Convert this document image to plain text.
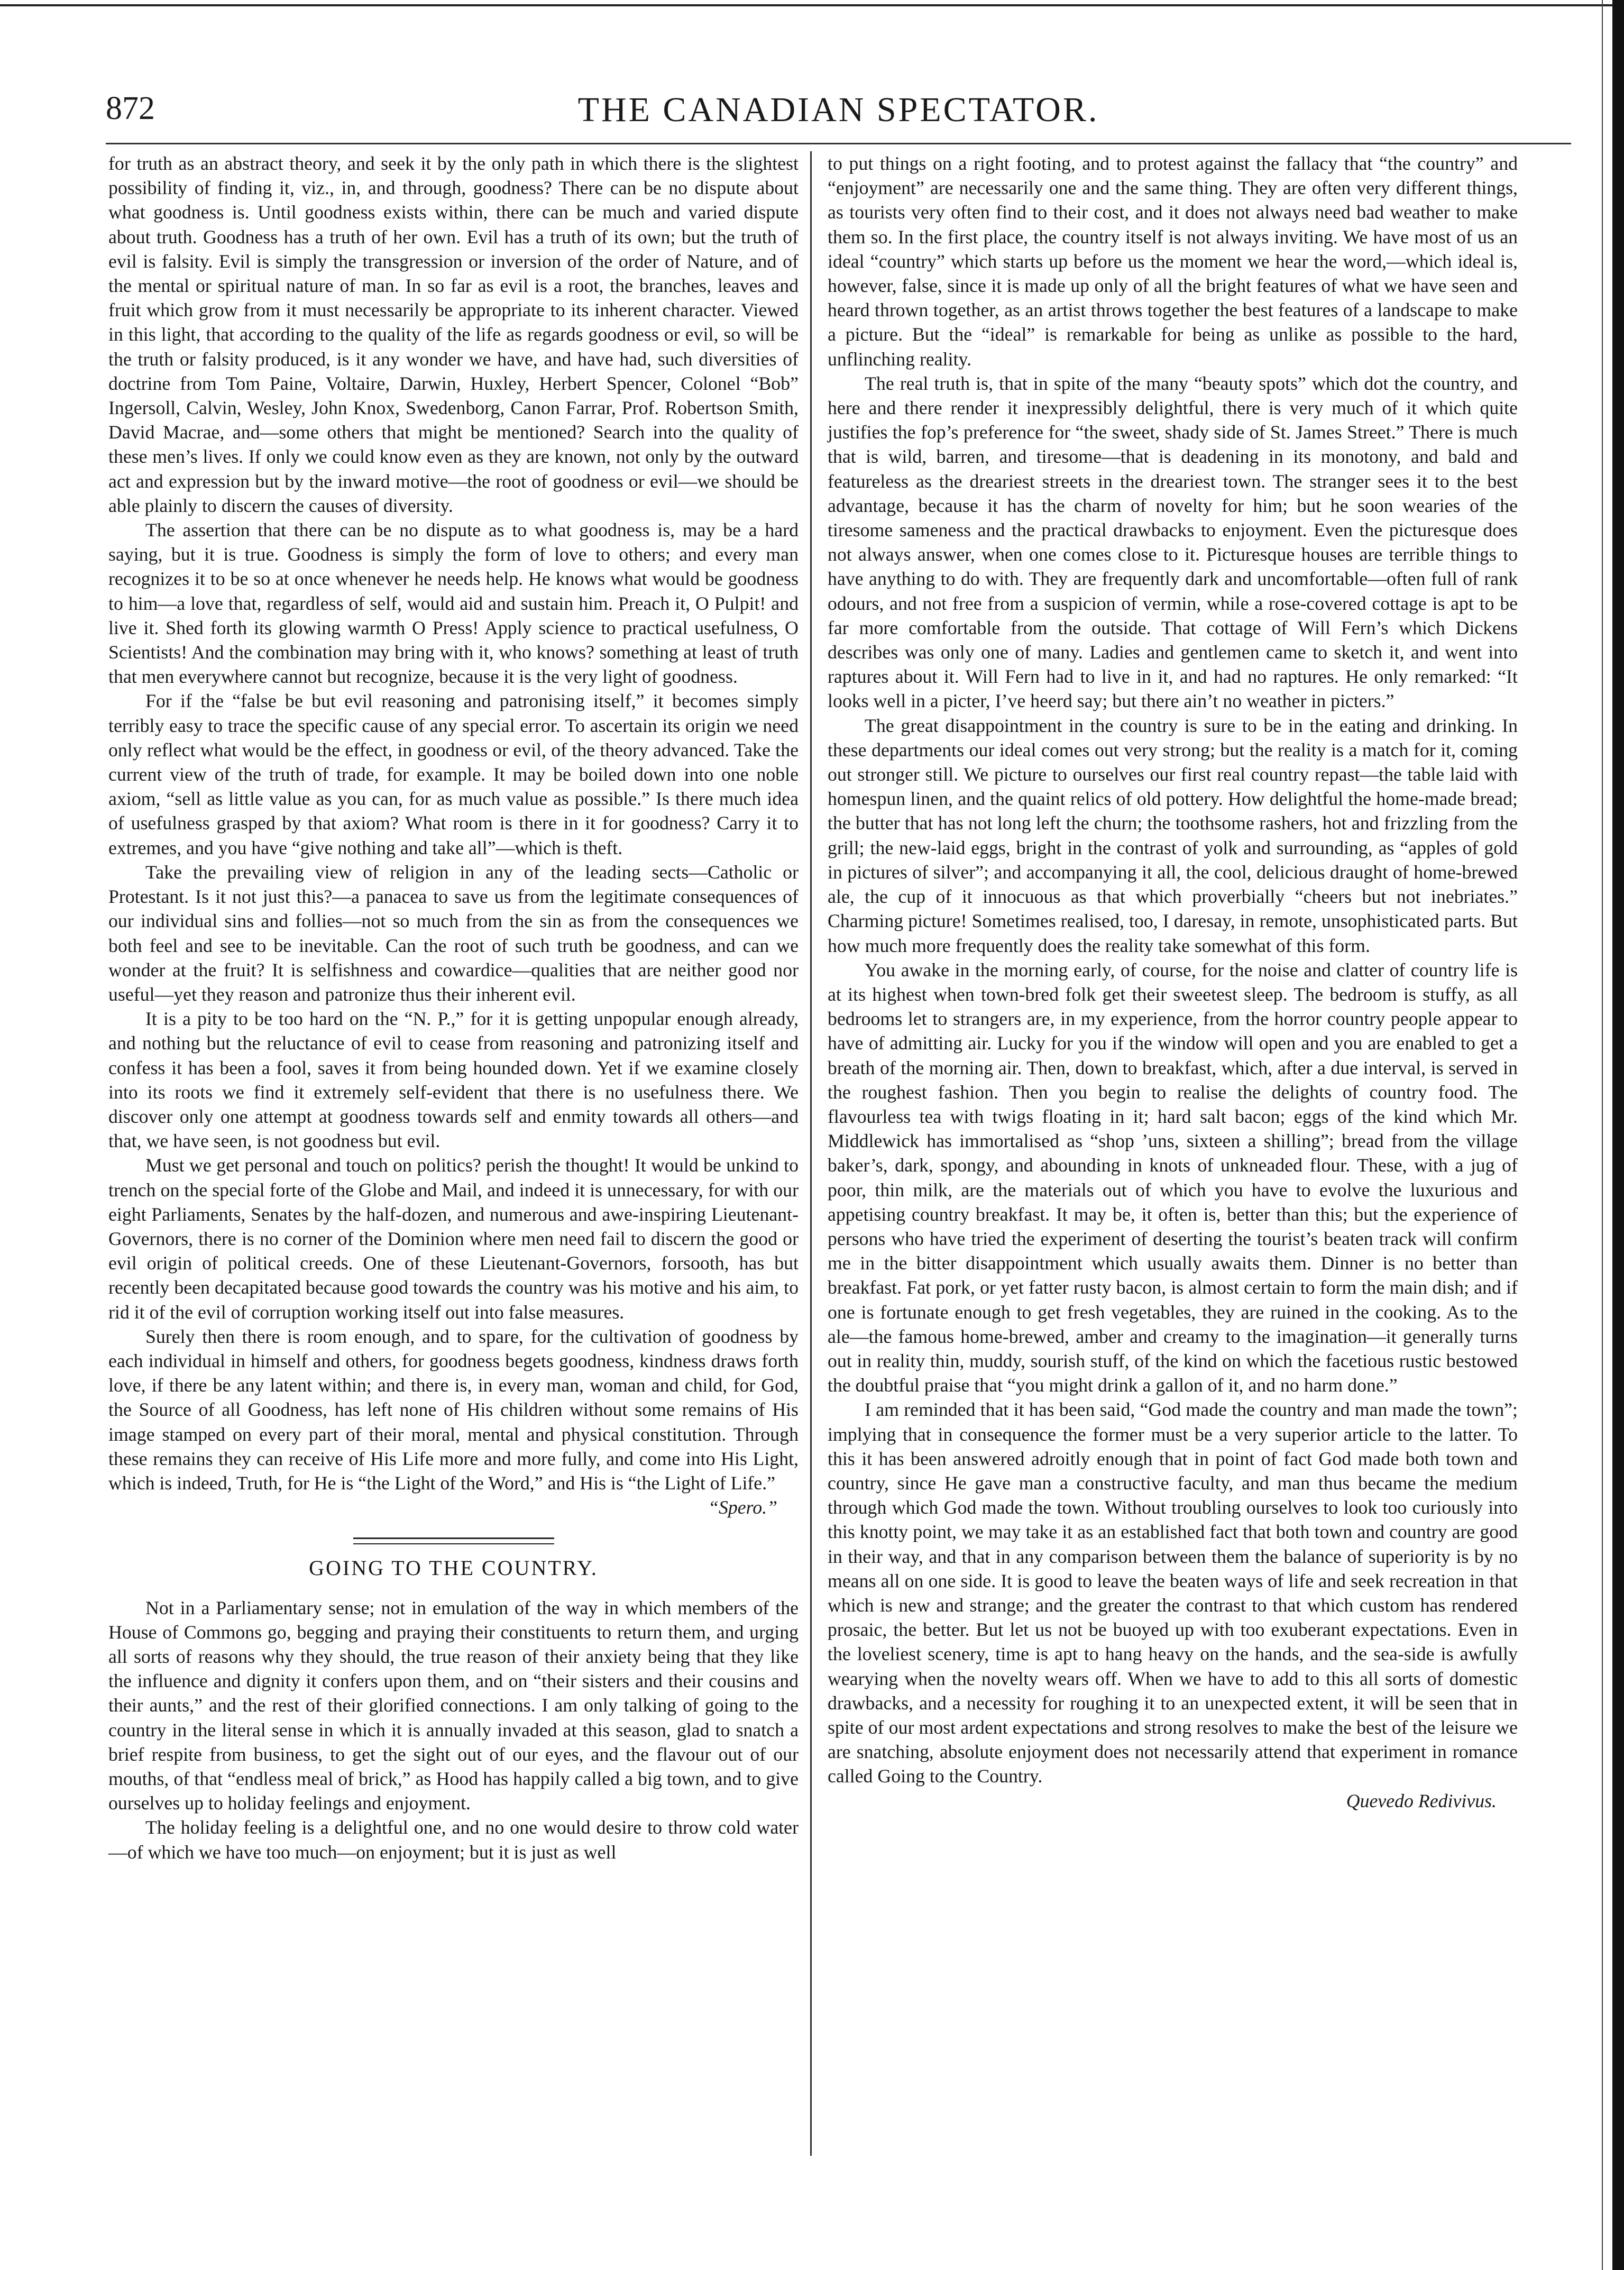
872	THE CANADIAN SPECTATOR.

for truth as an abstract theory, and seek it by the only path in which there is the slightest possibility of finding it, viz., in, and through, goodness? There can be no dispute about what goodness is. Until goodness exists within, there can be much and varied dispute about truth. Goodness has a truth of her own. Evil has a truth of its own; but the truth of evil is falsity. Evil is simply the transgression or inversion of the order of Nature, and of the mental or spiritual nature of man. In so far as evil is a root, the branches, leaves and fruit which grow from it must necessarily be appropriate to its inherent character. Viewed in this light, that according to the quality of the life as regards goodness or evil, so will be the truth or falsity produced, is it any wonder we have, and have had, such diversities of doctrine from Tom Paine, Voltaire, Darwin, Huxley, Herbert Spencer, Colonel “Bob” Ingersoll, Calvin, Wesley, John Knox, Swedenborg, Canon Farrar, Prof. Robertson Smith, David Macrae, and—some others that might be mentioned? Search into the quality of these men’s lives. If only we could know even as they are known, not only by the outward act and expression but by the inward motive—the root of goodness or evil—we should be able plainly to discern the causes of diversity.

The assertion that there can be no dispute as to what goodness is, may be a hard saying, but it is true. Goodness is simply the form of love to others; and every man recognizes it to be so at once whenever he needs help. He knows what would be goodness to him—a love that, regardless of self, would aid and sustain him. Preach it, O Pulpit! and live it. Shed forth its glowing warmth O Press! Apply science to practical usefulness, O Scientists! And the combination may bring with it, who knows? something at least of truth that men everywhere cannot but recognize, because it is the very light of goodness.

For if the “false be but evil reasoning and patronising itself,” it becomes simply terribly easy to trace the specific cause of any special error. To ascertain its origin we need only reflect what would be the effect, in goodness or evil, of the theory advanced. Take the current view of the truth of trade, for example. It may be boiled down into one noble axiom, “sell as little value as you can, for as much value as possible.” Is there much idea of usefulness grasped by that axiom? What room is there in it for goodness? Carry it to extremes, and you have “give nothing and take all”—which is theft.

Take the prevailing view of religion in any of the leading sects—Catholic or Protestant. Is it not just this?—a panacea to save us from the legitimate consequences of our individual sins and follies—not so much from the sin as from the consequences we both feel and see to be inevitable. Can the root of such truth be goodness, and can we wonder at the fruit? It is selfishness and cowardice—qualities that are neither good nor useful—yet they reason and patronize thus their inherent evil.

It is a pity to be too hard on the “N. P.,” for it is getting unpopular enough already, and nothing but the reluctance of evil to cease from reasoning and patronizing itself and confess it has been a fool, saves it from being hounded down. Yet if we examine closely into its roots we find it extremely self-evident that there is no usefulness there. We discover only one attempt at goodness towards self and enmity towards all others—and that, we have seen, is not goodness but evil.

Must we get personal and touch on politics? perish the thought! It would be unkind to trench on the special forte of the Globe and Mail, and indeed it is unnecessary, for with our eight Parliaments, Senates by the half-dozen, and numerous and awe-inspiring Lieutenant-Governors, there is no corner of the Dominion where men need fail to discern the good or evil origin of political creeds. One of these Lieutenant-Governors, forsooth, has but recently been decapitated because good towards the country was his motive and his aim, to rid it of the evil of corruption working itself out into false measures.

Surely then there is room enough, and to spare, for the cultivation of goodness by each individual in himself and others, for goodness begets goodness, kindness draws forth love, if there be any latent within; and there is, in every man, woman and child, for God, the Source of all Goodness, has left none of His children without some remains of His image stamped on every part of their moral, mental and physical constitution. Through these remains they can receive of His Life more and more fully, and come into His Light, which is indeed, Truth, for He is “the Light of the Word,” and His is “the Light of Life.”

“Spero.”

GOING TO THE COUNTRY.

Not in a Parliamentary sense; not in emulation of the way in which members of the House of Commons go, begging and praying their constituents to return them, and urging all sorts of reasons why they should, the true reason of their anxiety being that they like the influence and dignity it confers upon them, and on “their sisters and their cousins and their aunts,” and the rest of their glorified connections. I am only talking of going to the country in the literal sense in which it is annually invaded at this season, glad to snatch a brief respite from business, to get the sight out of our eyes, and the flavour out of our mouths, of that “endless meal of brick,” as Hood has happily called a big town, and to give ourselves up to holiday feelings and enjoyment.

The holiday feeling is a delightful one, and no one would desire to throw cold water—of which we have too much—on enjoyment; but it is just as well

to put things on a right footing, and to protest against the fallacy that “the country” and “enjoyment” are necessarily one and the same thing. They are often very different things, as tourists very often find to their cost, and it does not always need bad weather to make them so. In the first place, the country itself is not always inviting. We have most of us an ideal “country” which starts up before us the moment we hear the word,—which ideal is, however, false, since it is made up only of all the bright features of what we have seen and heard thrown together, as an artist throws together the best features of a landscape to make a picture. But the “ideal” is remarkable for being as unlike as possible to the hard, unflinching reality.

The real truth is, that in spite of the many “beauty spots” which dot the country, and here and there render it inexpressibly delightful, there is very much of it which quite justifies the fop’s preference for “the sweet, shady side of St. James Street.” There is much that is wild, barren, and tiresome—that is deadening in its monotony, and bald and featureless as the dreariest streets in the dreariest town. The stranger sees it to the best advantage, because it has the charm of novelty for him; but he soon wearies of the tiresome sameness and the practical drawbacks to enjoyment. Even the picturesque does not always answer, when one comes close to it. Picturesque houses are terrible things to have anything to do with. They are frequently dark and uncomfortable—often full of rank odours, and not free from a suspicion of vermin, while a rose-covered cottage is apt to be far more comfortable from the outside. That cottage of Will Fern’s which Dickens describes was only one of many. Ladies and gentlemen came to sketch it, and went into raptures about it. Will Fern had to live in it, and had no raptures. He only remarked: “It looks well in a picter, I’ve heerd say; but there ain’t no weather in picters.”

The great disappointment in the country is sure to be in the eating and drinking. In these departments our ideal comes out very strong; but the reality is a match for it, coming out stronger still. We picture to ourselves our first real country repast—the table laid with homespun linen, and the quaint relics of old pottery. How delightful the home-made bread; the butter that has not long left the churn; the toothsome rashers, hot and frizzling from the grill; the new-laid eggs, bright in the contrast of yolk and surrounding, as “apples of gold in pictures of silver”; and accompanying it all, the cool, delicious draught of home-brewed ale, the cup of it innocuous as that which proverbially “cheers but not inebriates.” Charming picture! Sometimes realised, too, I daresay, in remote, unsophisticated parts. But how much more frequently does the reality take somewhat of this form.

You awake in the morning early, of course, for the noise and clatter of country life is at its highest when town-bred folk get their sweetest sleep. The bedroom is stuffy, as all bedrooms let to strangers are, in my experience, from the horror country people appear to have of admitting air. Lucky for you if the window will open and you are enabled to get a breath of the morning air. Then, down to breakfast, which, after a due interval, is served in the roughest fashion. Then you begin to realise the delights of country food. The flavourless tea with twigs floating in it; hard salt bacon; eggs of the kind which Mr. Middlewick has immortalised as “shop ’uns, sixteen a shilling”; bread from the village baker’s, dark, spongy, and abounding in knots of unkneaded flour. These, with a jug of poor, thin milk, are the materials out of which you have to evolve the luxurious and appetising country breakfast. It may be, it often is, better than this; but the experience of persons who have tried the experiment of deserting the tourist’s beaten track will confirm me in the bitter disappointment which usually awaits them. Dinner is no better than breakfast. Fat pork, or yet fatter rusty bacon, is almost certain to form the main dish; and if one is fortunate enough to get fresh vegetables, they are ruined in the cooking. As to the ale—the famous home-brewed, amber and creamy to the imagination—it generally turns out in reality thin, muddy, sourish stuff, of the kind on which the facetious rustic bestowed the doubtful praise that “you might drink a gallon of it, and no harm done.”

I am reminded that it has been said, “God made the country and man made the town”; implying that in consequence the former must be a very superior article to the latter. To this it has been answered adroitly enough that in point of fact God made both town and country, since He gave man a constructive faculty, and man thus became the medium through which God made the town. Without troubling ourselves to look too curiously into this knotty point, we may take it as an established fact that both town and country are good in their way, and that in any comparison between them the balance of superiority is by no means all on one side. It is good to leave the beaten ways of life and seek recreation in that which is new and strange; and the greater the contrast to that which custom has rendered prosaic, the better. But let us not be buoyed up with too exuberant expectations. Even in the loveliest scenery, time is apt to hang heavy on the hands, and the sea-side is awfully wearying when the novelty wears off. When we have to add to this all sorts of domestic drawbacks, and a necessity for roughing it to an unexpected extent, it will be seen that in spite of our most ardent expectations and strong resolves to make the best of the leisure we are snatching, absolute enjoyment does not necessarily attend that experiment in romance called Going to the Country.

Quevedo Redivivus.
